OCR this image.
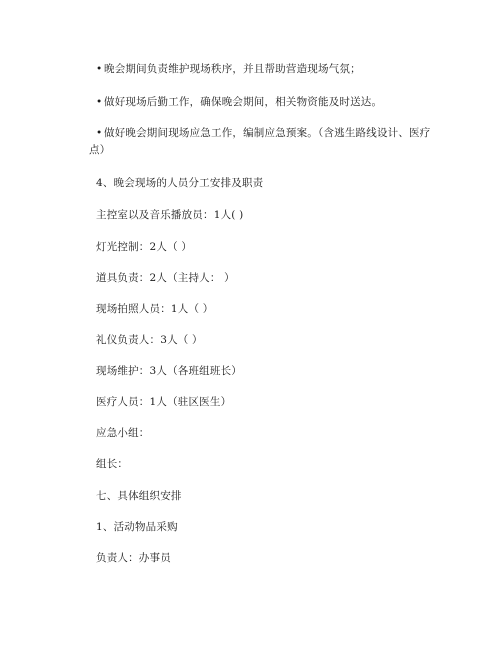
• 晚会期间负责维护现场秩序，并且帮助营造现场气氛；
• 做好现场后勤工作，确保晚会期间，相关物资能及时送达。
• 做好晚会期间现场应急工作，编制应急预案。（含逃生路线设计、医疗
点）
4、晚会现场的人员分工安排及职责
主控室以及音乐播放员：1人( )
灯光控制：2人（ ）
道具负责：2人（主持人： ）
现场拍照人员：1人（ ）
礼仪负责人：3人（ ）
现场维护：3人（各班组班长）
医疗人员：1人（驻区医生）
应急小组：
组长：
七、具体组织安排
1、活动物品采购
负责人：办事员
